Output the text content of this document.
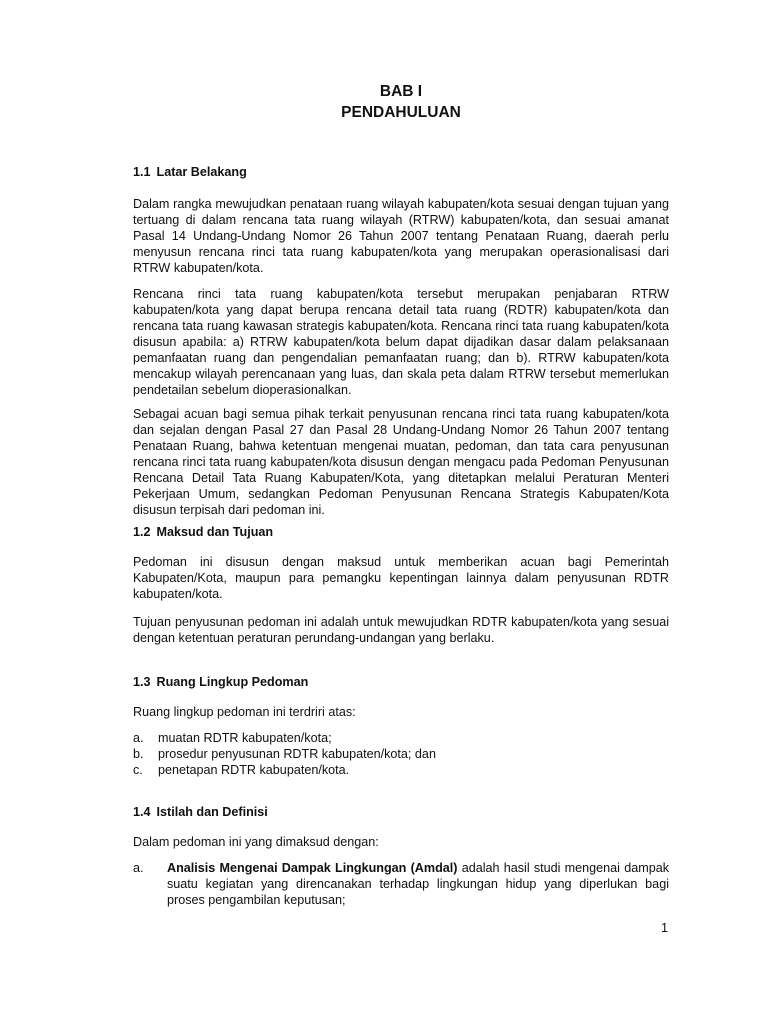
BAB I
PENDAHULUAN
1.1 Latar Belakang
Dalam rangka mewujudkan penataan ruang wilayah kabupaten/kota sesuai dengan tujuan yang tertuang di dalam rencana tata ruang wilayah (RTRW) kabupaten/kota, dan sesuai amanat Pasal 14 Undang-Undang Nomor 26 Tahun 2007 tentang Penataan Ruang, daerah perlu menyusun rencana rinci tata ruang kabupaten/kota yang merupakan operasionalisasi dari RTRW kabupaten/kota.
Rencana rinci tata ruang kabupaten/kota tersebut merupakan penjabaran RTRW kabupaten/kota yang dapat berupa rencana detail tata ruang (RDTR) kabupaten/kota dan rencana tata ruang kawasan strategis kabupaten/kota. Rencana rinci tata ruang kabupaten/kota disusun apabila: a) RTRW kabupaten/kota belum dapat dijadikan dasar dalam pelaksanaan pemanfaatan ruang dan pengendalian pemanfaatan ruang; dan b). RTRW kabupaten/kota mencakup wilayah perencanaan yang luas, dan skala peta dalam RTRW tersebut memerlukan pendetailan sebelum dioperasionalkan.
Sebagai acuan bagi semua pihak terkait penyusunan rencana rinci tata ruang kabupaten/kota dan sejalan dengan Pasal 27 dan Pasal 28 Undang-Undang Nomor 26 Tahun 2007 tentang Penataan Ruang, bahwa ketentuan mengenai muatan, pedoman, dan tata cara penyusunan rencana rinci tata ruang kabupaten/kota disusun dengan mengacu pada Pedoman Penyusunan Rencana Detail Tata Ruang Kabupaten/Kota, yang ditetapkan melalui Peraturan Menteri Pekerjaan Umum, sedangkan Pedoman Penyusunan Rencana Strategis Kabupaten/Kota disusun terpisah dari pedoman ini.
1.2 Maksud dan Tujuan
Pedoman ini disusun dengan maksud untuk memberikan acuan bagi Pemerintah Kabupaten/Kota, maupun para pemangku kepentingan lainnya dalam penyusunan RDTR kabupaten/kota.
Tujuan penyusunan pedoman ini adalah untuk mewujudkan RDTR kabupaten/kota yang sesuai dengan ketentuan peraturan perundang-undangan yang berlaku.
1.3 Ruang Lingkup Pedoman
Ruang lingkup pedoman ini terdriri atas:
a. muatan RDTR kabupaten/kota;
b. prosedur penyusunan RDTR kabupaten/kota; dan
c. penetapan RDTR kabupaten/kota.
1.4 Istilah dan Definisi
Dalam pedoman ini yang dimaksud dengan:
a. Analisis Mengenai Dampak Lingkungan (Amdal) adalah hasil studi mengenai dampak suatu kegiatan yang direncanakan terhadap lingkungan hidup yang diperlukan bagi proses pengambilan keputusan;
1
